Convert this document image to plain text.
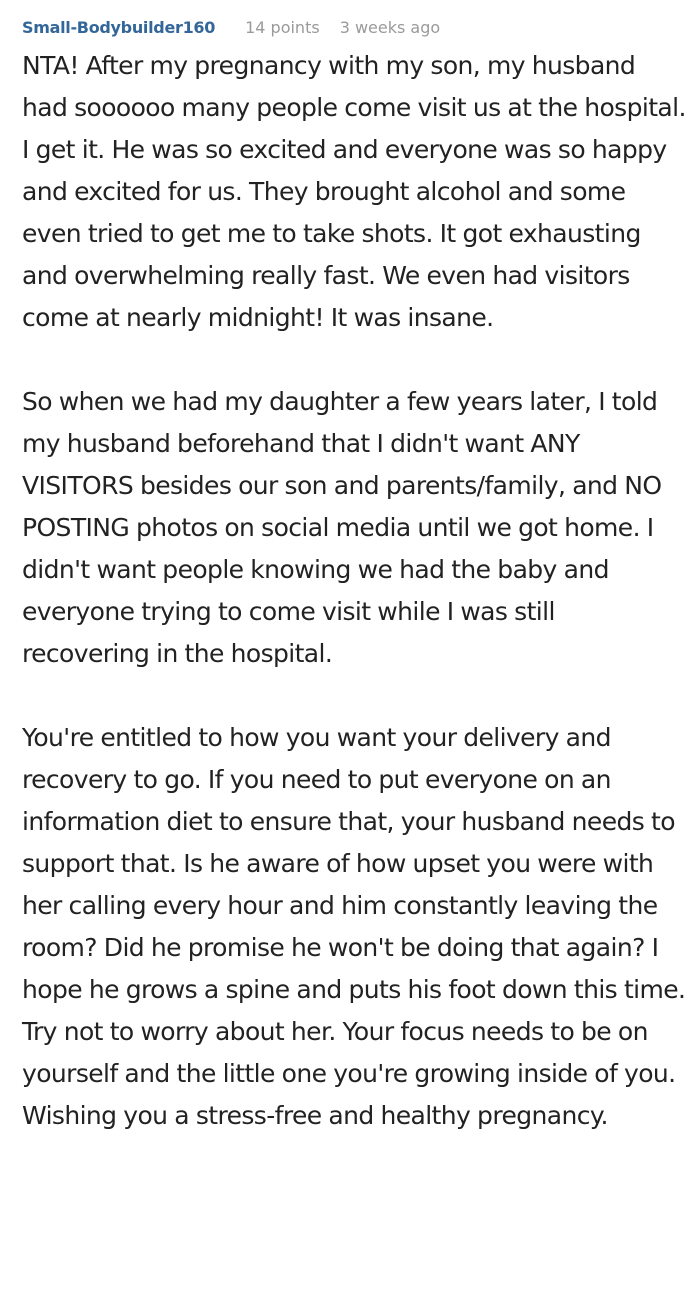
Small-Bodybuilder160 14 points 3 weeks ago

NTA! After my pregnancy with my son, my husband had soooooo many people come visit us at the hospital. I get it. He was so excited and everyone was so happy and excited for us. They brought alcohol and some even tried to get me to take shots. It got exhausting and overwhelming really fast. We even had visitors come at nearly midnight! It was insane.

So when we had my daughter a few years later, I told my husband beforehand that I didn't want ANY VISITORS besides our son and parents/family, and NO POSTING photos on social media until we got home. I didn't want people knowing we had the baby and everyone trying to come visit while I was still recovering in the hospital.

You're entitled to how you want your delivery and recovery to go. If you need to put everyone on an information diet to ensure that, your husband needs to support that. Is he aware of how upset you were with her calling every hour and him constantly leaving the room? Did he promise he won't be doing that again? I hope he grows a spine and puts his foot down this time. Try not to worry about her. Your focus needs to be on yourself and the little one you're growing inside of you. Wishing you a stress-free and healthy pregnancy.
